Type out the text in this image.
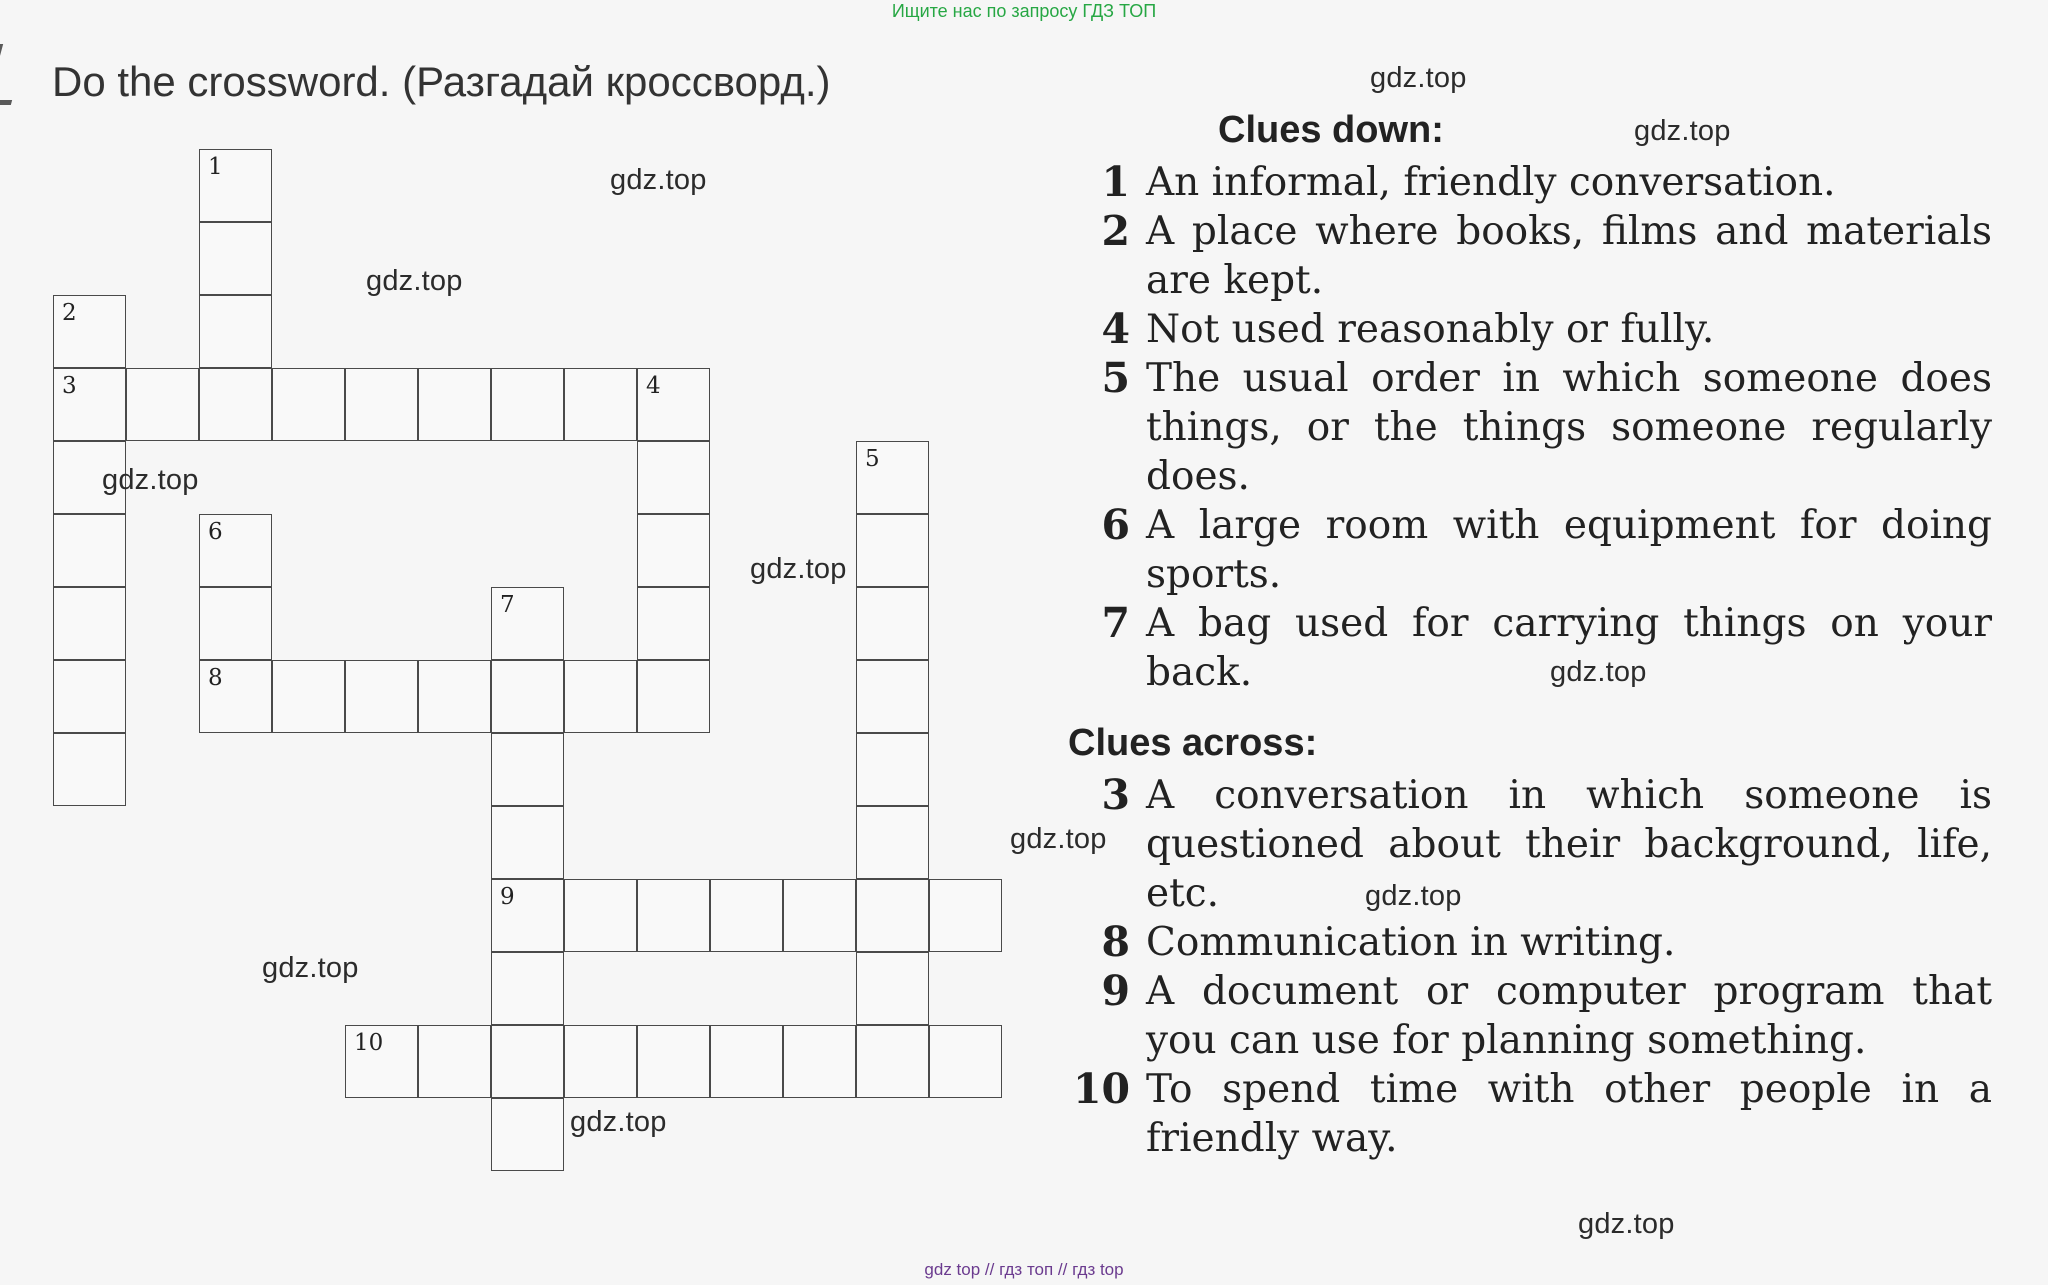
Ищите нас по запросу ГДЗ ТОП
Do the crossword. (Разгадай кроссворд.)
2
3
1
4
6
8
7
9
5
10
Clues down:
1 An informal, friendly conversation.
2 A place where books, films and materials are kept.
4 Not used reasonably or fully.
5 The usual order in which someone does things, or the things someone regularly does.
6 A large room with equipment for doing sports.
7 A bag used for carrying things on your back.
Clues across:
3 A conversation in which someone is questioned about their background, life, etc.
8 Communication in writing.
9 A document or computer program that you can use for planning something.
10 To spend time with other people in a friendly way.
gdz.top
gdz.top
gdz.top
gdz.top
gdz.top
gdz.top
gdz.top
gdz.top
gdz.top
gdz.top
gdz.top
gdz.top
gdz top // гдз топ // гдз top
